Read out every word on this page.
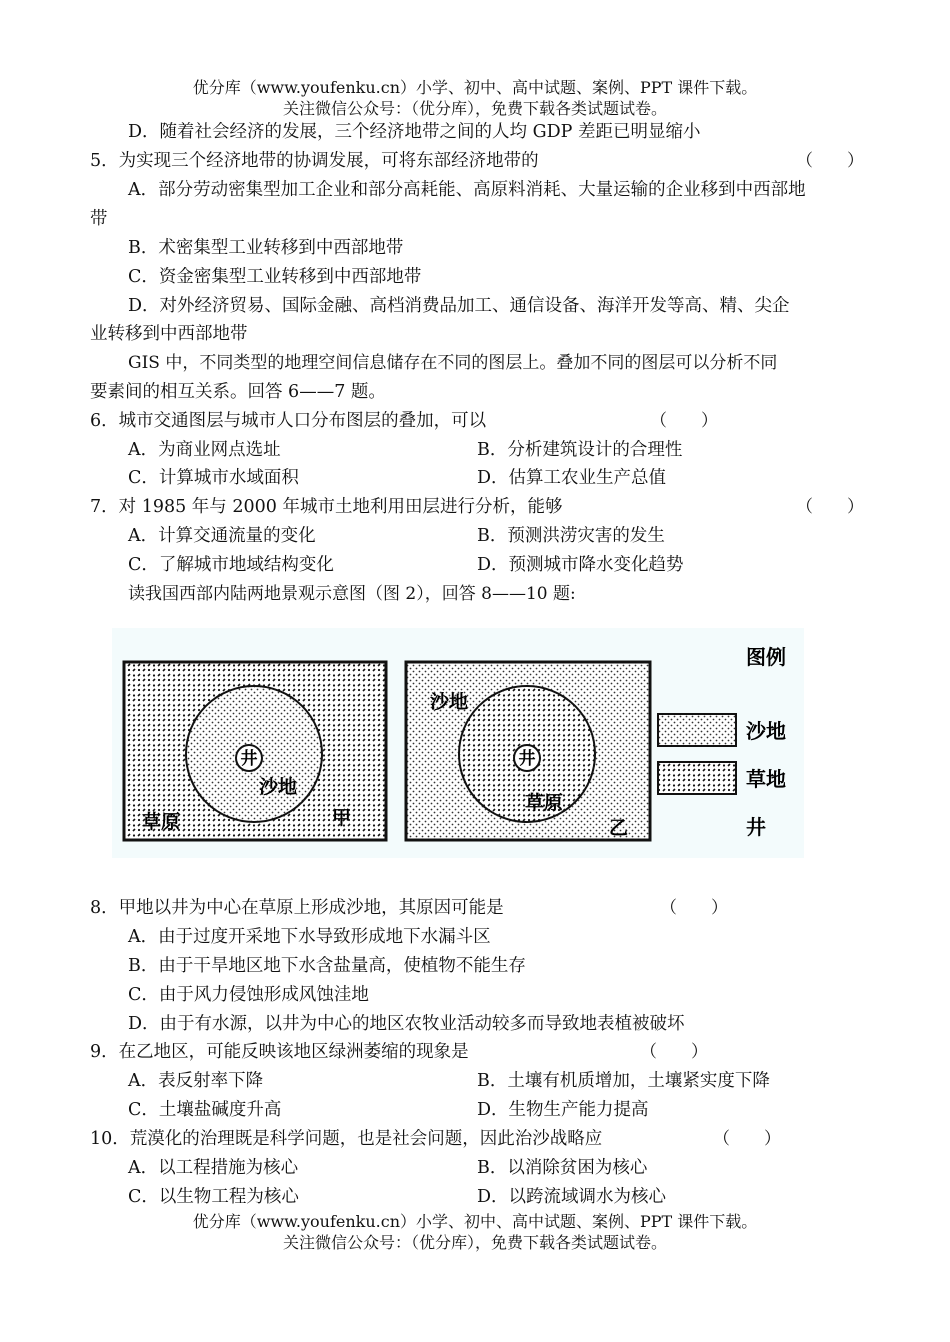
优分库（www.youfenku.cn）小学、初中、高中试题、案例、PPT 课件下载。
关注微信公众号：（优分库），免费下载各类试题试卷。
D．随着社会经济的发展，三个经济地带之间的人均 GDP 差距已明显缩小
5．为实现三个经济地带的协调发展，可将东部经济地带的	（　　）
A．部分劳动密集型加工企业和部分高耗能、高原料消耗、大量运输的企业移到中西部地
带
B．术密集型工业转移到中西部地带
C．资金密集型工业转移到中西部地带
D．对外经济贸易、国际金融、高档消费品加工、通信设备、海洋开发等高、精、尖企
业转移到中西部地带
GIS 中，不同类型的地理空间信息储存在不同的图层上。叠加不同的图层可以分析不同
要素间的相互关系。回答 6——7 题。
6．城市交通图层与城市人口分布图层的叠加，可以	（　　）
A．为商业网点选址	B．分析建筑设计的合理性
C．计算城市水域面积	D．估算工农业生产总值
7．对 1985 年与 2000 年城市土地利用田层进行分析，能够	（　　）
A．计算交通流量的变化	B．预测洪涝灾害的发生
C．了解城市地域结构变化	D．预测城市降水变化趋势
读我国西部内陆两地景观示意图（图 2），回答 8——10 题:
井
沙地
草原	甲
井
沙地
草原
乙
图例
沙地
草地
井
8．甲地以井为中心在草原上形成沙地，其原因可能是	（　　）
A．由于过度开采地下水导致形成地下水漏斗区
B．由于干旱地区地下水含盐量高，使植物不能生存
C．由于风力侵蚀形成风蚀洼地
D．由于有水源，以井为中心的地区农牧业活动较多而导致地表植被破坏
9．在乙地区，可能反映该地区绿洲萎缩的现象是	（　　）
A．表反射率下降	B．土壤有机质增加，土壤紧实度下降
C．土壤盐碱度升高	D．生物生产能力提高
10．荒漠化的治理既是科学问题，也是社会问题，因此治沙战略应	（　　）
A．以工程措施为核心	B．以消除贫困为核心
C．以生物工程为核心	D．以跨流域调水为核心
优分库（www.youfenku.cn）小学、初中、高中试题、案例、PPT 课件下载。
关注微信公众号：（优分库），免费下载各类试题试卷。
